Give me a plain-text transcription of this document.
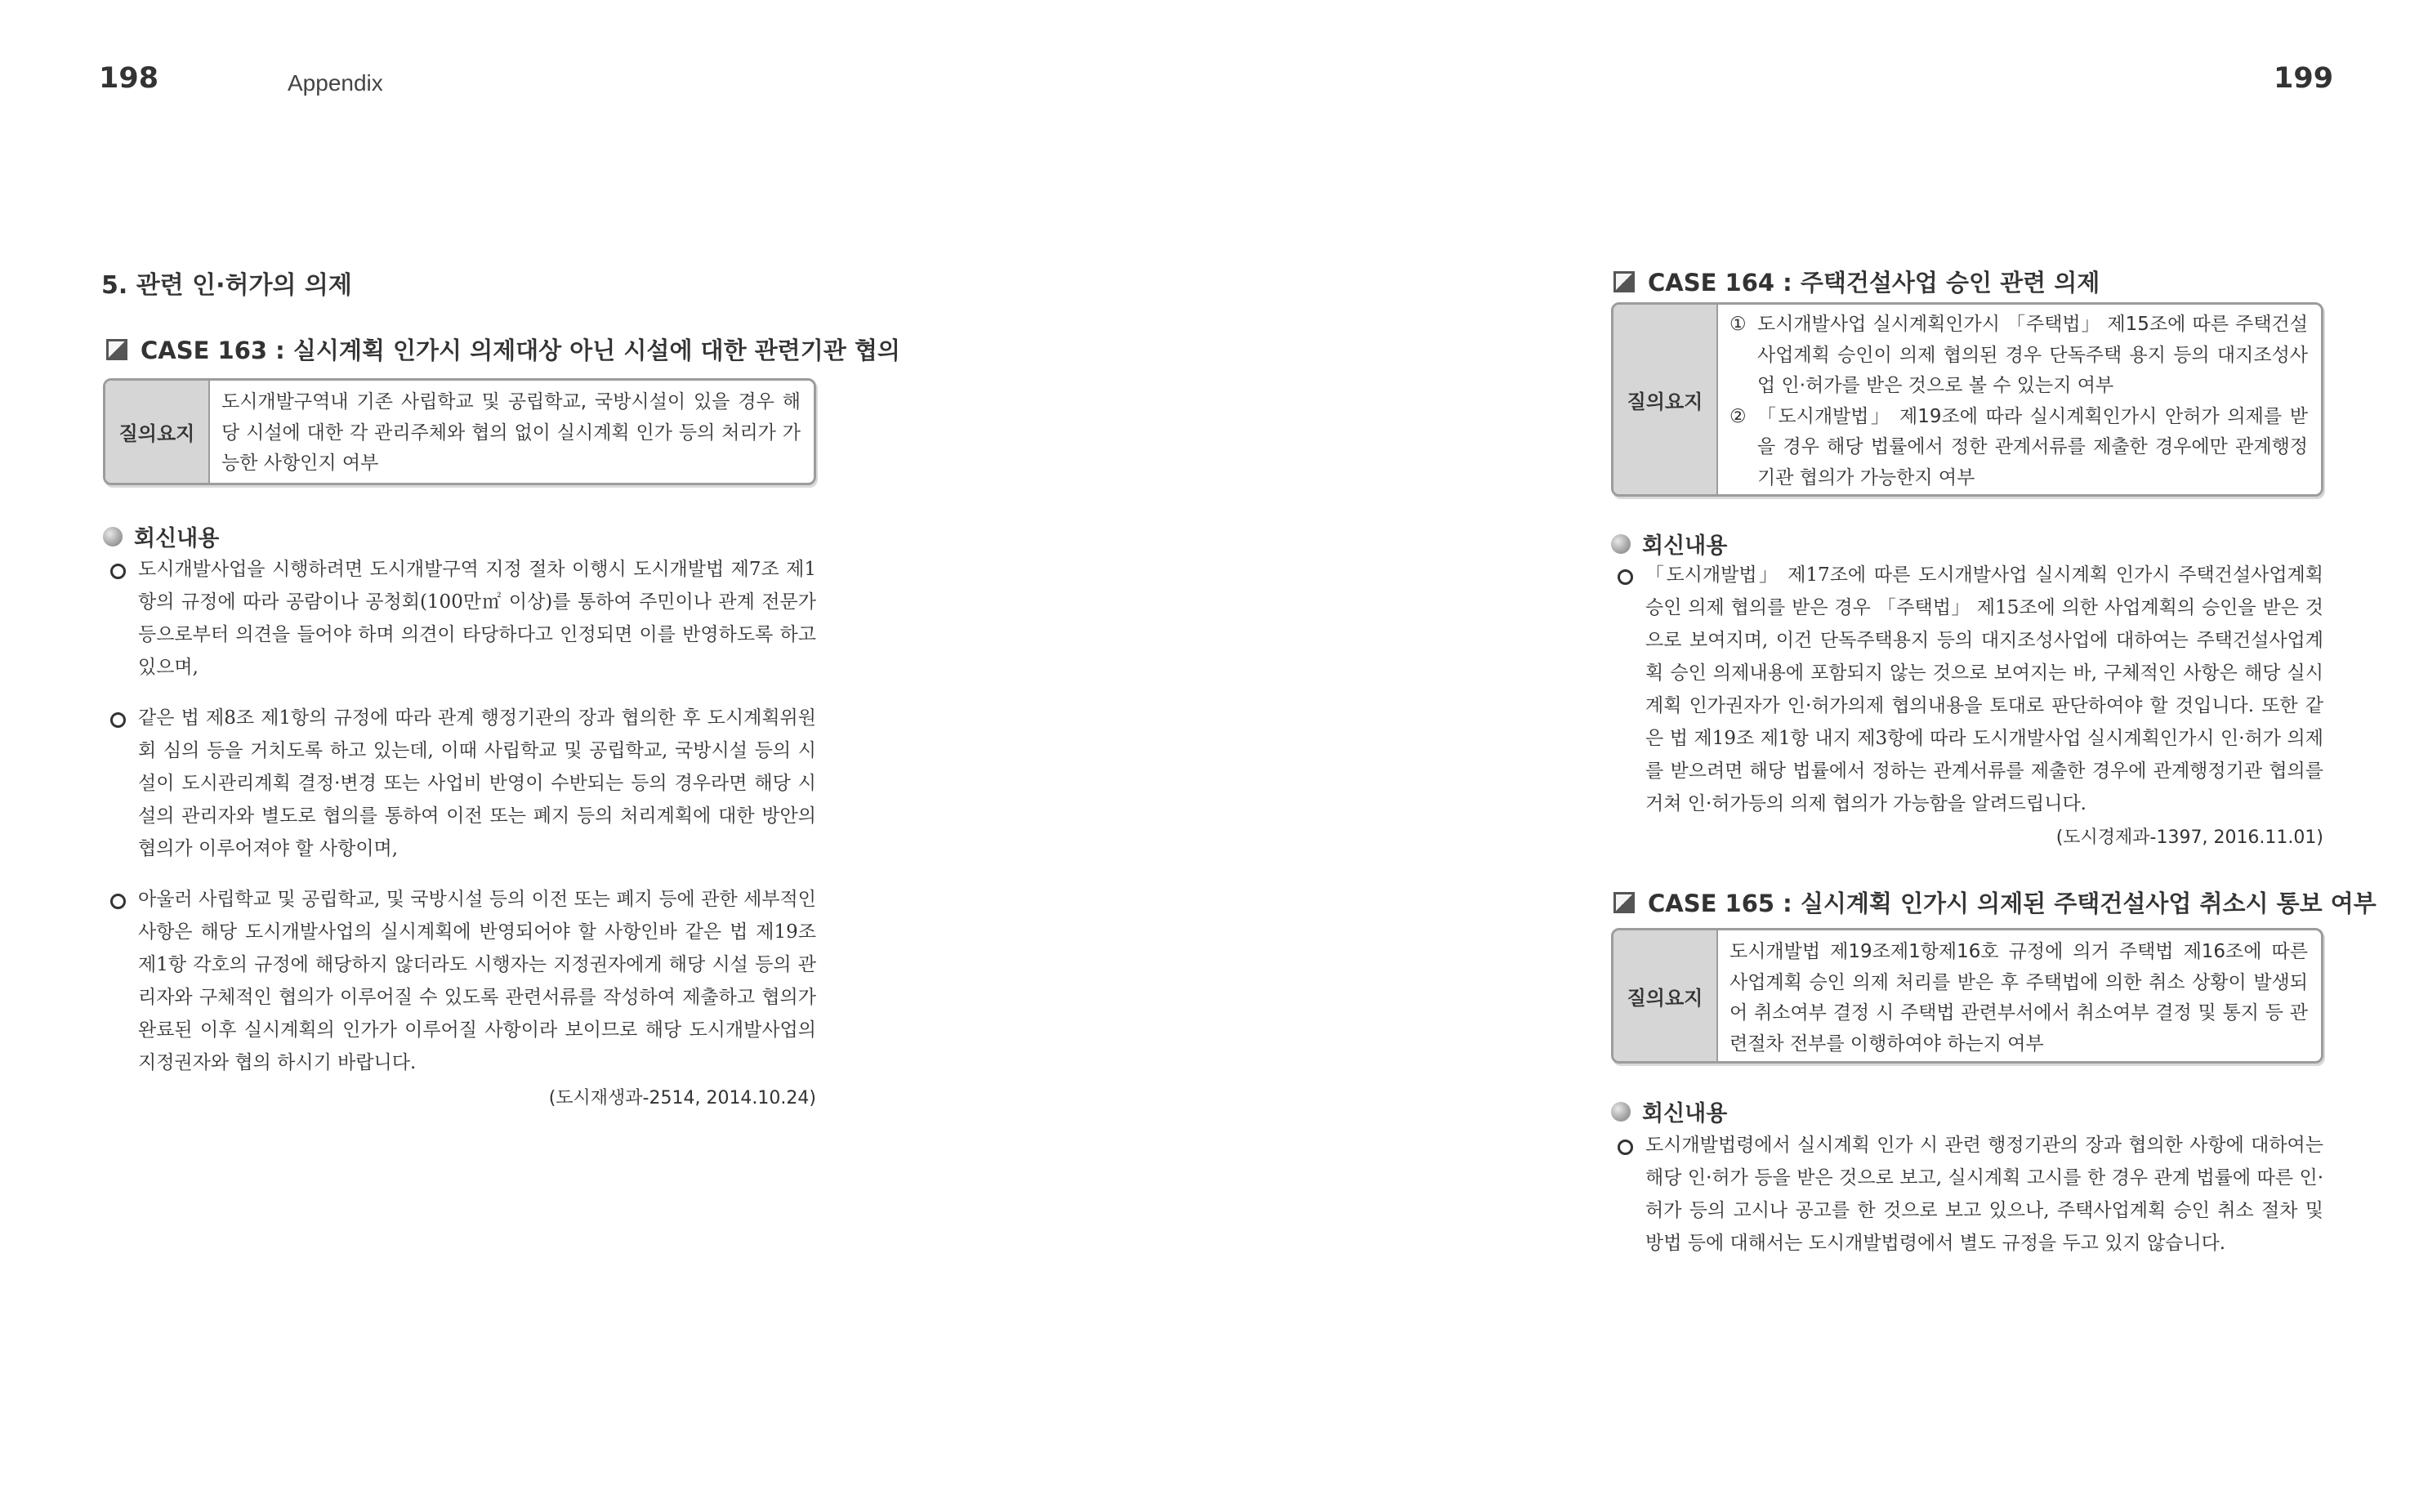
198	Appendix	199
5. 관련 인·허가의 의제
CASE 163 : 실시계획 인가시 의제대상 아닌 시설에 대한 관련기관 협의
질의요지
도시개발구역내 기존 사립학교 및 공립학교, 국방시설이 있을 경우 해당 시설에 대한 각 관리주체와 협의 없이 실시계획 인가 등의 처리가 가능한 사항인지 여부
회신내용
도시개발사업을 시행하려면 도시개발구역 지정 절차 이행시 도시개발법 제7조 제1항의 규정에 따라 공람이나 공청회(100만㎡ 이상)를 통하여 주민이나 관계 전문가 등으로부터 의견을 들어야 하며 의견이 타당하다고 인정되면 이를 반영하도록 하고 있으며,
같은 법 제8조 제1항의 규정에 따라 관계 행정기관의 장과 협의한 후 도시계획위원회 심의 등을 거치도록 하고 있는데, 이때 사립학교 및 공립학교, 국방시설 등의 시설이 도시관리계획 결정·변경 또는 사업비 반영이 수반되는 등의 경우라면 해당 시설의 관리자와 별도로 협의를 통하여 이전 또는 폐지 등의 처리계획에 대한 방안의 협의가 이루어져야 할 사항이며,
아울러 사립학교 및 공립학교, 및 국방시설 등의 이전 또는 폐지 등에 관한 세부적인 사항은 해당 도시개발사업의 실시계획에 반영되어야 할 사항인바 같은 법 제19조 제1항 각호의 규정에 해당하지 않더라도 시행자는 지정권자에게 해당 시설 등의 관리자와 구체적인 협의가 이루어질 수 있도록 관련서류를 작성하여 제출하고 협의가 완료된 이후 실시계획의 인가가 이루어질 사항이라 보이므로 해당 도시개발사업의 지정권자와 협의 하시기 바랍니다.
(도시재생과-2514, 2014.10.24)
CASE 164 : 주택건설사업 승인 관련 의제
질의요지
① 도시개발사업 실시계획인가시 「주택법」 제15조에 따른 주택건설사업계획 승인이 의제 협의된 경우 단독주택 용지 등의 대지조성사업 인·허가를 받은 것으로 볼 수 있는지 여부
② 「도시개발법」 제19조에 따라 실시계획인가시 안허가 의제를 받을 경우 해당 법률에서 정한 관계서류를 제출한 경우에만 관계행정기관 협의가 가능한지 여부
회신내용
「도시개발법」 제17조에 따른 도시개발사업 실시계획 인가시 주택건설사업계획 승인 의제 협의를 받은 경우 「주택법」 제15조에 의한 사업계획의 승인을 받은 것으로 보여지며, 이건 단독주택용지 등의 대지조성사업에 대하여는 주택건설사업계획 승인 의제내용에 포함되지 않는 것으로 보여지는 바, 구체적인 사항은 해당 실시계획 인가권자가 인·허가의제 협의내용을 토대로 판단하여야 할 것입니다. 또한 같은 법 제19조 제1항 내지 제3항에 따라 도시개발사업 실시계획인가시 인·허가 의제를 받으려면 해당 법률에서 정하는 관계서류를 제출한 경우에 관계행정기관 협의를 거쳐 인·허가등의 의제 협의가 가능함을 알려드립니다.
(도시경제과-1397, 2016.11.01)
CASE 165 : 실시계획 인가시 의제된 주택건설사업 취소시 통보 여부
질의요지
도시개발법 제19조제1항제16호 규정에 의거 주택법 제16조에 따른 사업계획 승인 의제 처리를 받은 후 주택법에 의한 취소 상황이 발생되어 취소여부 결정 시 주택법 관련부서에서 취소여부 결정 및 통지 등 관련절차 전부를 이행하여야 하는지 여부
회신내용
도시개발법령에서 실시계획 인가 시 관련 행정기관의 장과 협의한 사항에 대하여는 해당 인·허가 등을 받은 것으로 보고, 실시계획 고시를 한 경우 관계 법률에 따른 인·허가 등의 고시나 공고를 한 것으로 보고 있으나, 주택사업계획 승인 취소 절차 및 방법 등에 대해서는 도시개발법령에서 별도 규정을 두고 있지 않습니다.
